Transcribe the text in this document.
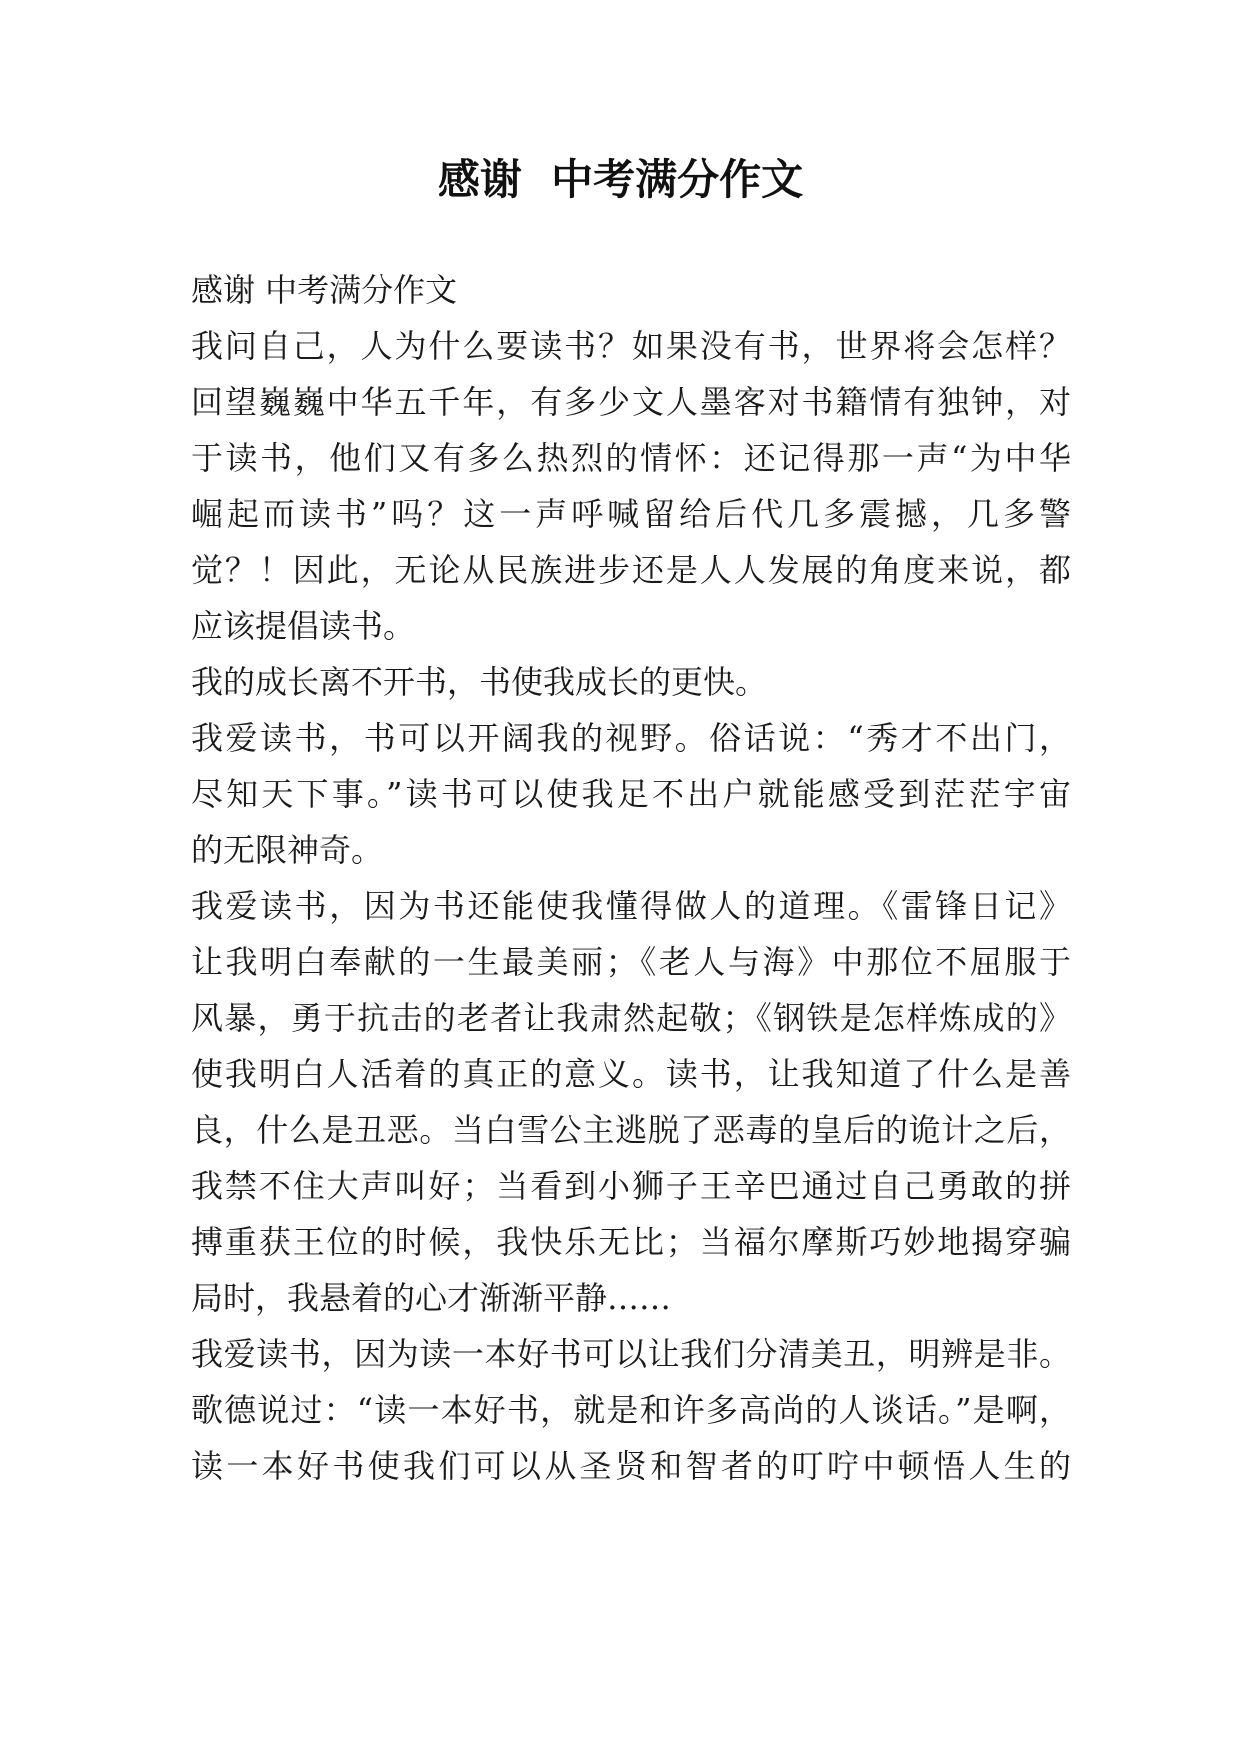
感谢  中考满分作文
感谢 中考满分作文
我问自己，人为什么要读书？如果没有书，世界将会怎样？
回望巍巍中华五千年，有多少文人墨客对书籍情有独钟，对
于读书，他们又有多么热烈的情怀：还记得那一声“为中华
崛起而读书”吗？这一声呼喊留给后代几多震撼，几多警
觉？！因此，无论从民族进步还是人人发展的角度来说，都
应该提倡读书。
我的成长离不开书，书使我成长的更快。
我爱读书，书可以开阔我的视野。俗话说：“秀才不出门，
尽知天下事。”读书可以使我足不出户就能感受到茫茫宇宙
的无限神奇。
我爱读书，因为书还能使我懂得做人的道理。《雷锋日记》
让我明白奉献的一生最美丽；《老人与海》中那位不屈服于
风暴，勇于抗击的老者让我肃然起敬；《钢铁是怎样炼成的》
使我明白人活着的真正的意义。读书，让我知道了什么是善
良，什么是丑恶。当白雪公主逃脱了恶毒的皇后的诡计之后，
我禁不住大声叫好；当看到小狮子王辛巴通过自己勇敢的拼
搏重获王位的时候，我快乐无比；当福尔摩斯巧妙地揭穿骗
局时，我悬着的心才渐渐平静……
我爱读书，因为读一本好书可以让我们分清美丑，明辨是非。
歌德说过：“读一本好书，就是和许多高尚的人谈话。”是啊，
读一本好书使我们可以从圣贤和智者的叮咛中顿悟人生的
